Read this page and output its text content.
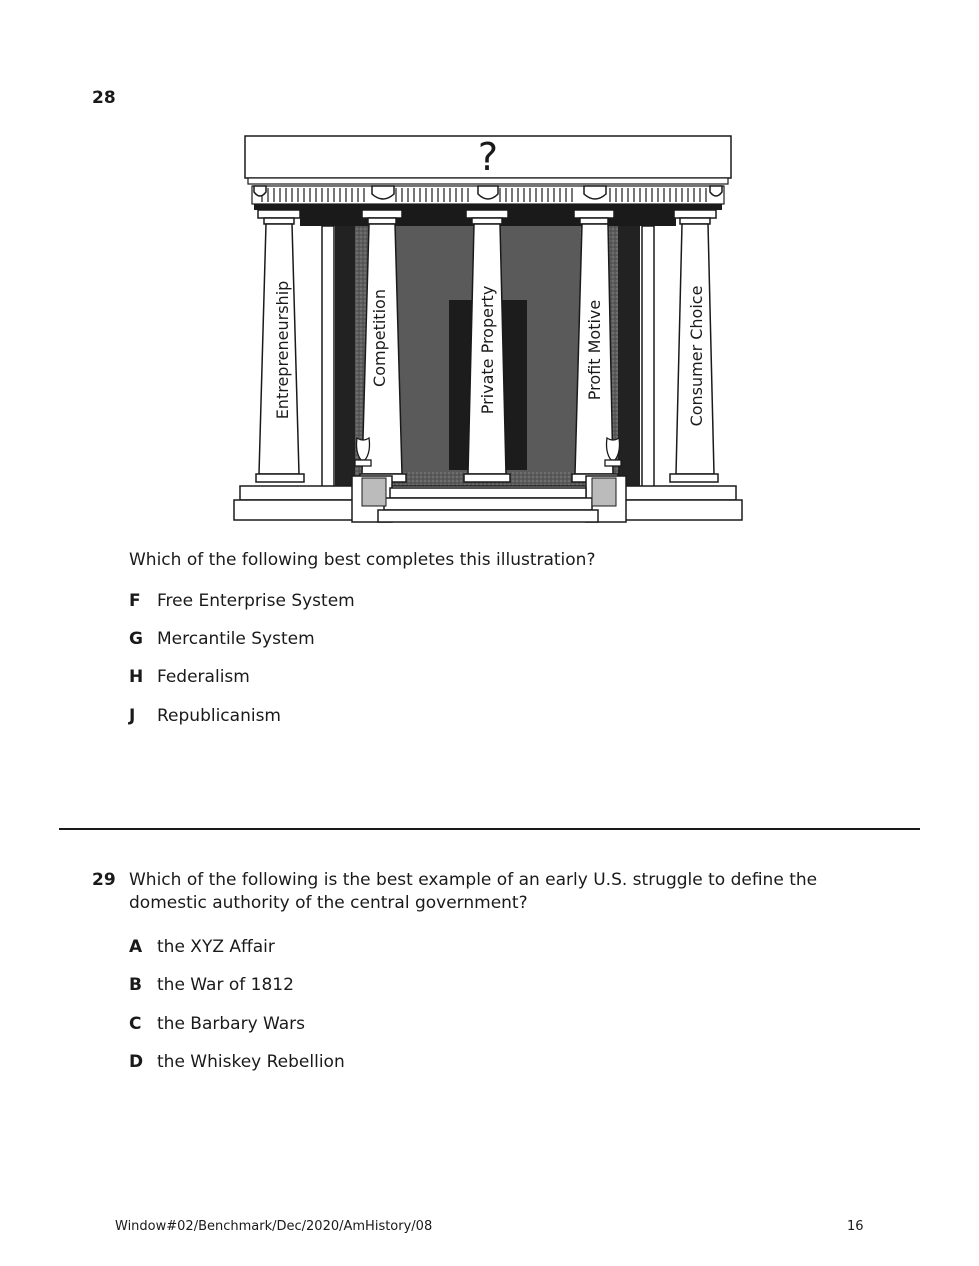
28
?
Entrepreneurship	Competition	Private Property	Profit Motive	Consumer Choice
Which of the following best completes this illustration?
F Free Enterprise System
G Mercantile System
H Federalism
J Republicanism
29 Which of the following is the best example of an early U.S. struggle to define the
domestic authority of the central government?
A the XYZ Affair
B the War of 1812
C the Barbary Wars
D the Whiskey Rebellion
Window#02/Benchmark/Dec/2020/AmHistory/08	16
